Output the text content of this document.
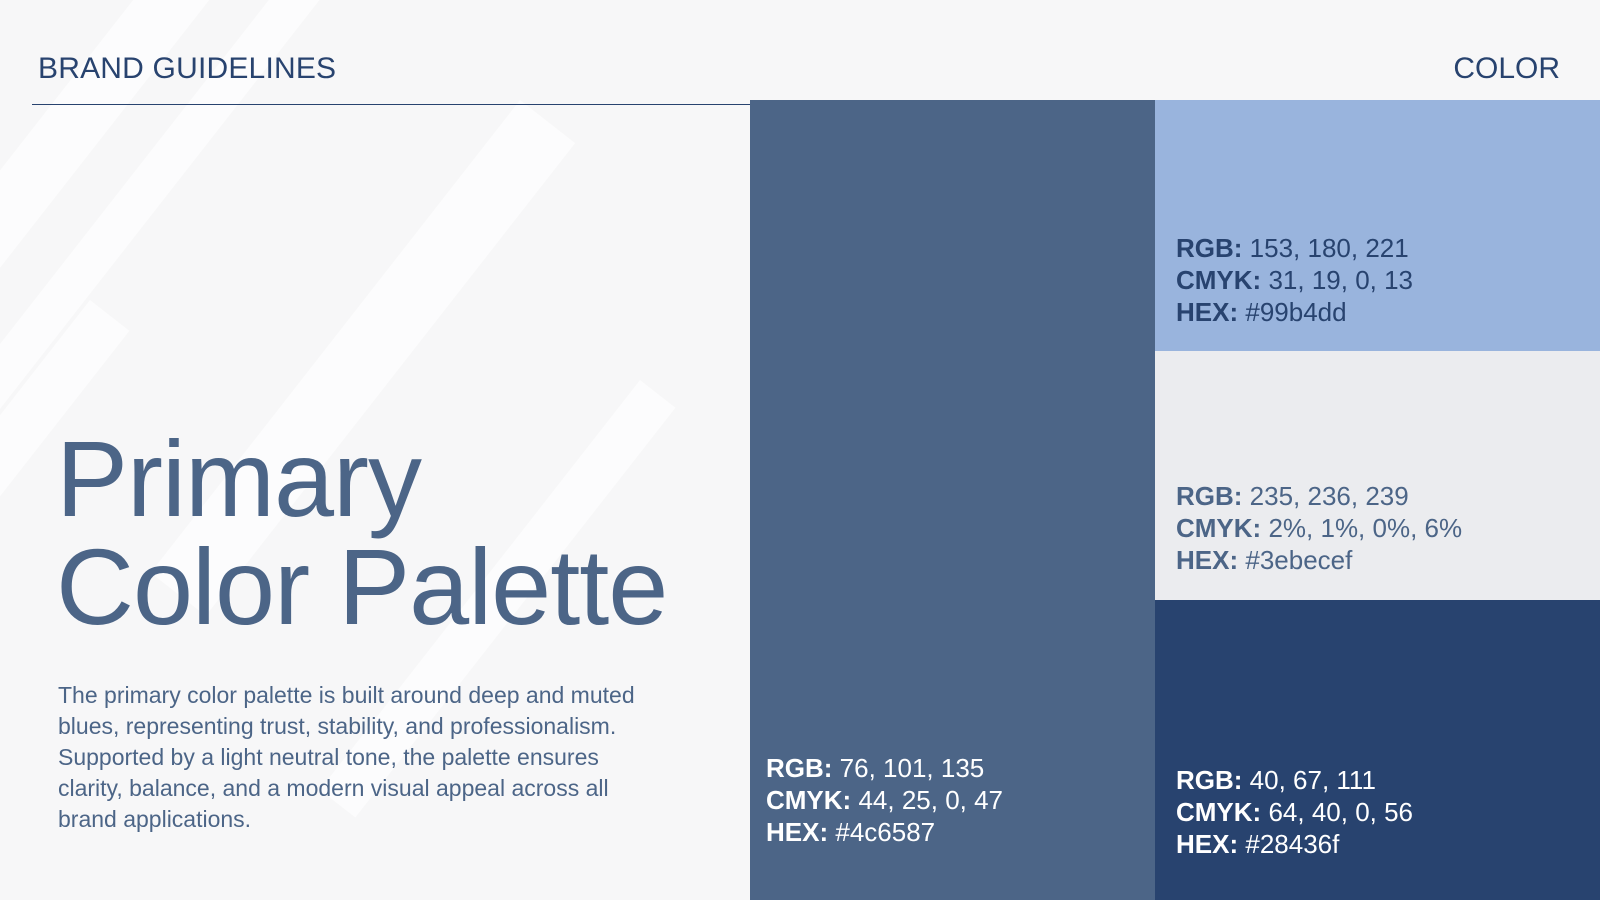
BRAND GUIDELINES	COLOR
Primary
Color Palette

The primary color palette is built around deep and muted blues, representing trust, stability, and professionalism. Supported by a light neutral tone, the palette ensures clarity, balance, and a modern visual appeal across all brand applications.

RGB: 76, 101, 135
CMYK: 44, 25, 0, 47
HEX: #4c6587
RGB: 153, 180, 221
CMYK: 31, 19, 0, 13
HEX: #99b4dd
RGB: 235, 236, 239
CMYK: 2%, 1%, 0%, 6%
HEX: #3ebecef
RGB: 40, 67, 111
CMYK: 64, 40, 0, 56
HEX: #28436f
